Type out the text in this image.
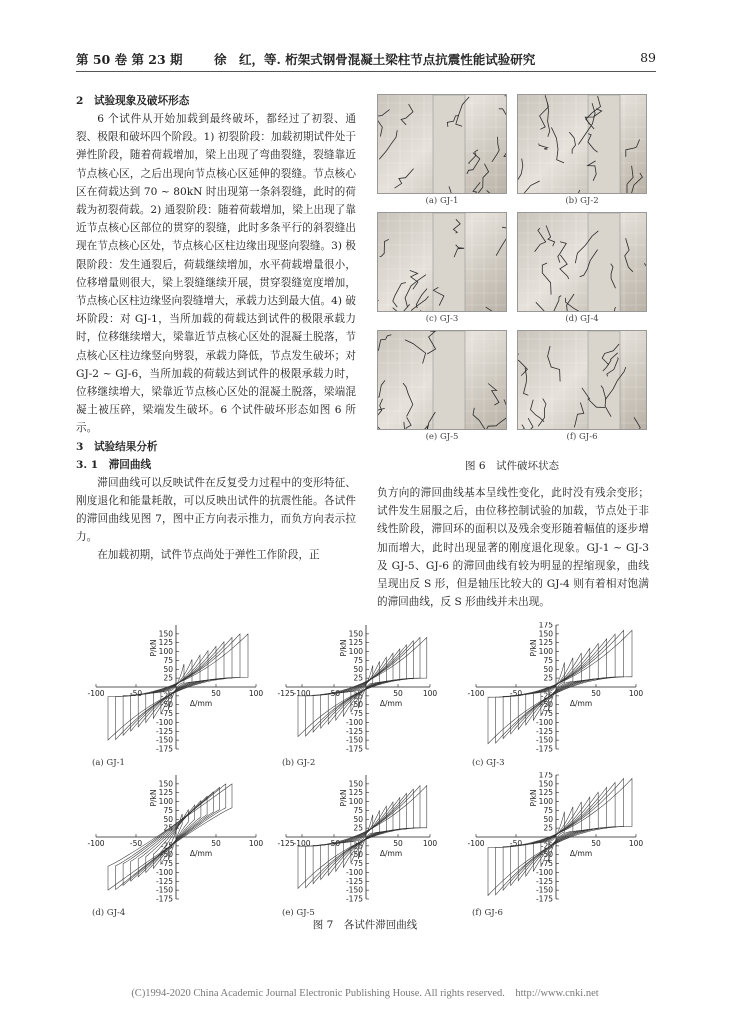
第 50 卷 第 23 期	徐　红，等. 桁架式钢骨混凝土梁柱节点抗震性能试验研究	89
2　试验现象及破坏形态

6 个试件从开始加载到最终破坏，都经过了初裂、通裂、极限和破坏四个阶段。1) 初裂阶段：加载初期试件处于弹性阶段，随着荷载增加，梁上出现了弯曲裂缝，裂缝靠近节点核心区，之后出现向节点核心区延伸的裂缝。节点核心区在荷载达到 70 ~ 80kN 时出现第一条斜裂缝，此时的荷载为初裂荷载。2) 通裂阶段：随着荷载增加，梁上出现了靠近节点核心区部位的贯穿的裂缝，此时多条平行的斜裂缝出现在节点核心区处，节点核心区柱边缘出现竖向裂缝。3) 极限阶段：发生通裂后，荷载继续增加，水平荷载增量很小，位移增量则很大，梁上裂缝继续开展，贯穿裂缝宽度增加，节点核心区柱边缘竖向裂缝增大，承载力达到最大值。4) 破坏阶段：对 GJ-1，当所加载的荷载达到试件的极限承载力时，位移继续增大，梁靠近节点核心区处的混凝土脱落，节点核心区柱边缘竖向劈裂，承载力降低，节点发生破坏；对 GJ-2 ~ GJ-6，当所加载的荷载达到试件的极限承载力时，位移继续增大，梁靠近节点核心区处的混凝土脱落，梁端混凝土被压碎，梁端发生破坏。6 个试件破坏形态如图 6 所示。

3　试验结果分析
3. 1　滞回曲线

滞回曲线可以反映试件在反复受力过程中的变形特征、刚度退化和能量耗散，可以反映出试件的抗震性能。各试件的滞回曲线见图 7，图中正方向表示推力，而负方向表示拉力。

在加载初期，试件节点尚处于弹性工作阶段，正

(a) GJ-1	(b) GJ-2
(c) GJ-3	(d) GJ-4
(e) GJ-5	(f) GJ-6
图 6　试件破坏状态

负方向的滞回曲线基本呈线性变化，此时没有残余变形；试件发生屈服之后，由位移控制试验的加载，节点处于非线性阶段，滞回环的面积以及残余变形随着幅值的逐步增加而增大，此时出现显著的刚度退化现象。GJ-1 ~ GJ-3 及 GJ-5、GJ-6 的滞回曲线有较为明显的捏缩现象，曲线呈现出反 S 形，但是轴压比较大的 GJ-4 则有着相对饱满的滞回曲线，反 S 形曲线并未出现。

150
125
100
75
50
25
-25
-50
-75
-100
-125
-150
-175
-100	-50	50	100
P/kN
Δ/mm
(a) GJ-1
150
125
100
75
50
25
-25
-50
-75
-100
-125
-150
-175
-125
-100 -50	50	100
P/kN
Δ/mm
(b) GJ-2
175
150
125
100
75
50
25
-25
-50
-75
-100
-125
-150
-175
-100	-50	50	100
P/kN
Δ/mm
(c) GJ-3
150
125
100
75
50
25
-25
-50
-75
-100
-125
-150
-175
-100	-50	50	100
P/kN
Δ/mm
(d) GJ-4
150
125
100
75
50
25
-25
-50
-75
-100
-125
-150
-175
-125
-100 -50	50	100
P/kN
Δ/mm
(e) GJ-5
175
150
125
100
75
50
25
-25
-50
-75
-100
-125
-150
-175
-100	-50	50	100
P/kN
Δ/mm
(f) GJ-6
图 7　各试件滞回曲线
(C)1994-2020 China Academic Journal Electronic Publishing House. All rights reserved.　http://www.cnki.net
